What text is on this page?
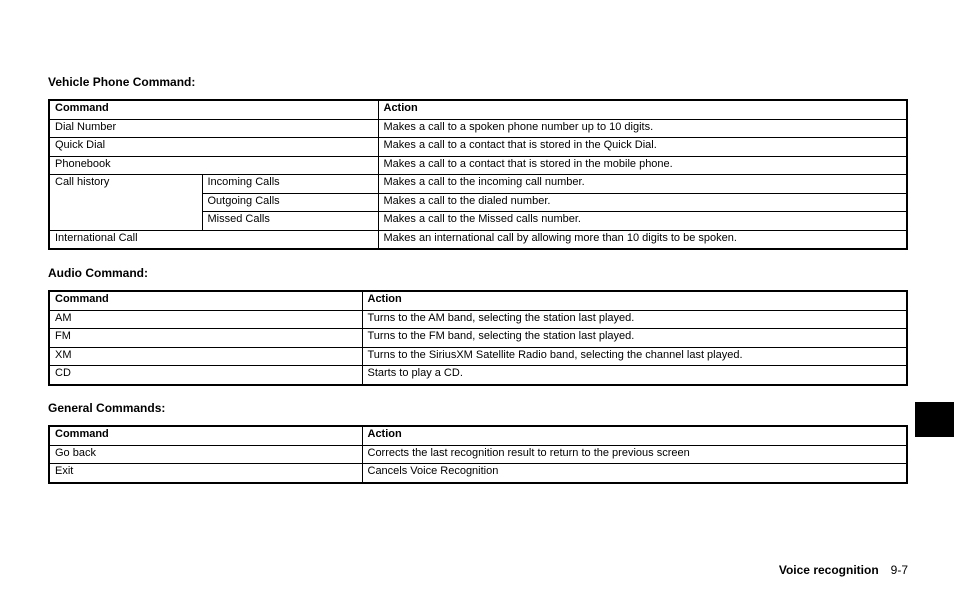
Vehicle Phone Command:
Command		Action
Dial Number		Makes a call to a spoken phone number up to 10 digits.
Quick Dial		Makes a call to a contact that is stored in the Quick Dial.
Phonebook		Makes a call to a contact that is stored in the mobile phone.
Call history	Incoming Calls	Makes a call to the incoming call number.
	Outgoing Calls	Makes a call to the dialed number.
	Missed Calls	Makes a call to the Missed calls number.
International Call		Makes an international call by allowing more than 10 digits to be spoken.
Audio Command:
Command	Action
AM	Turns to the AM band, selecting the station last played.
FM	Turns to the FM band, selecting the station last played.
XM	Turns to the SiriusXM Satellite Radio band, selecting the channel last played.
CD	Starts to play a CD.
General Commands:
Command	Action
Go back	Corrects the last recognition result to return to the previous screen
Exit	Cancels Voice Recognition
Voice recognition 9-7
